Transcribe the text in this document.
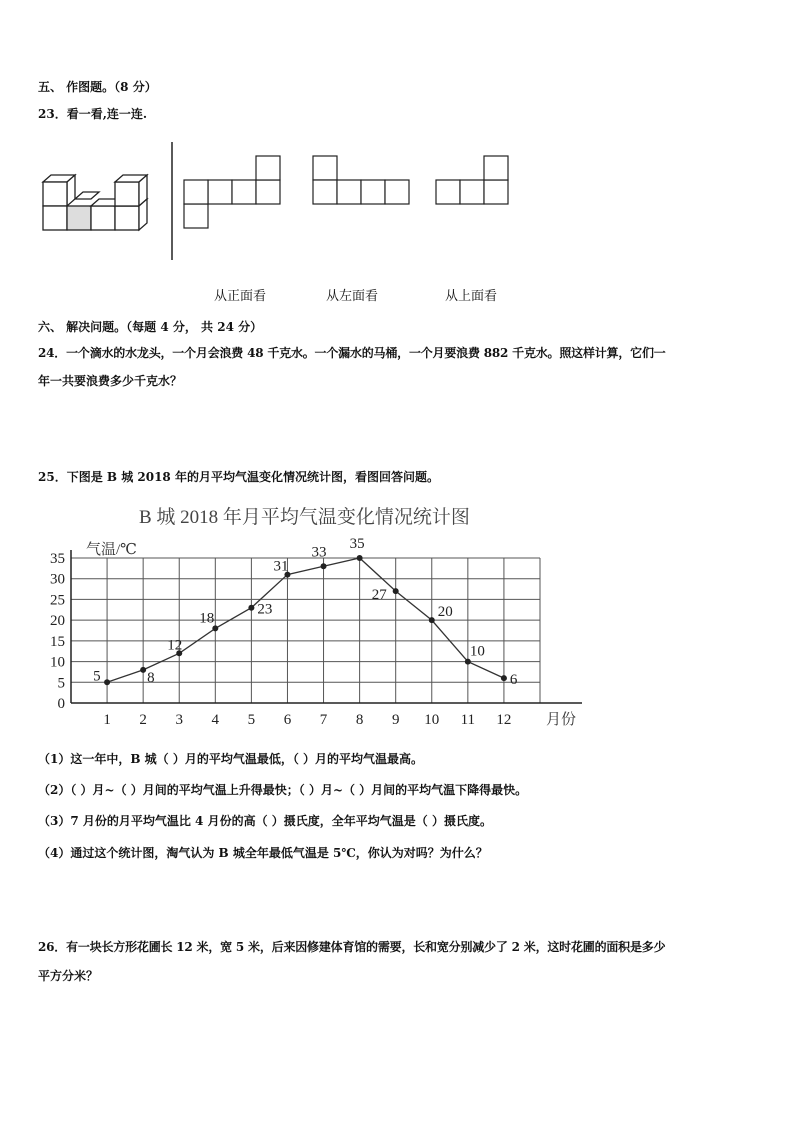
五、 作图题。（8 分）
23．看一看,连一连.
从正面看	从左面看	从上面看
六、 解决问题。（每题 4 分， 共 24 分）
24．一个滴水的水龙头，一个月会浪费 48 千克水。一个漏水的马桶，一个月要浪费 882 千克水。照这样计算，它们一
年一共要浪费多少千克水？
25．下图是 B 城 2018 年的月平均气温变化情况统计图，看图回答问题。
B 城 2018 年月平均气温变化情况统计图
0
5
10
15
20
25
30
35
1 2 3 4 5 6 7 8 9 10 11 12
5	8
12
18
23
31
33
35
27
20
10
6
气温/℃
月份
（1）这一年中，B 城（ ）月的平均气温最低，（ ）月的平均气温最高。
（2）（ ）月~（ ）月间的平均气温上升得最快；（ ）月~（ ）月间的平均气温下降得最快。
（3）7 月份的月平均气温比 4 月份的高（ ）摄氏度，全年平均气温是（ ）摄氏度。
（4）通过这个统计图，淘气认为 B 城全年最低气温是 5℃，你认为对吗？为什么？
26．有一块长方形花圃长 12 米，宽 5 米，后来因修建体育馆的需要，长和宽分别减少了 2 米，这时花圃的面积是多少
平方分米？
